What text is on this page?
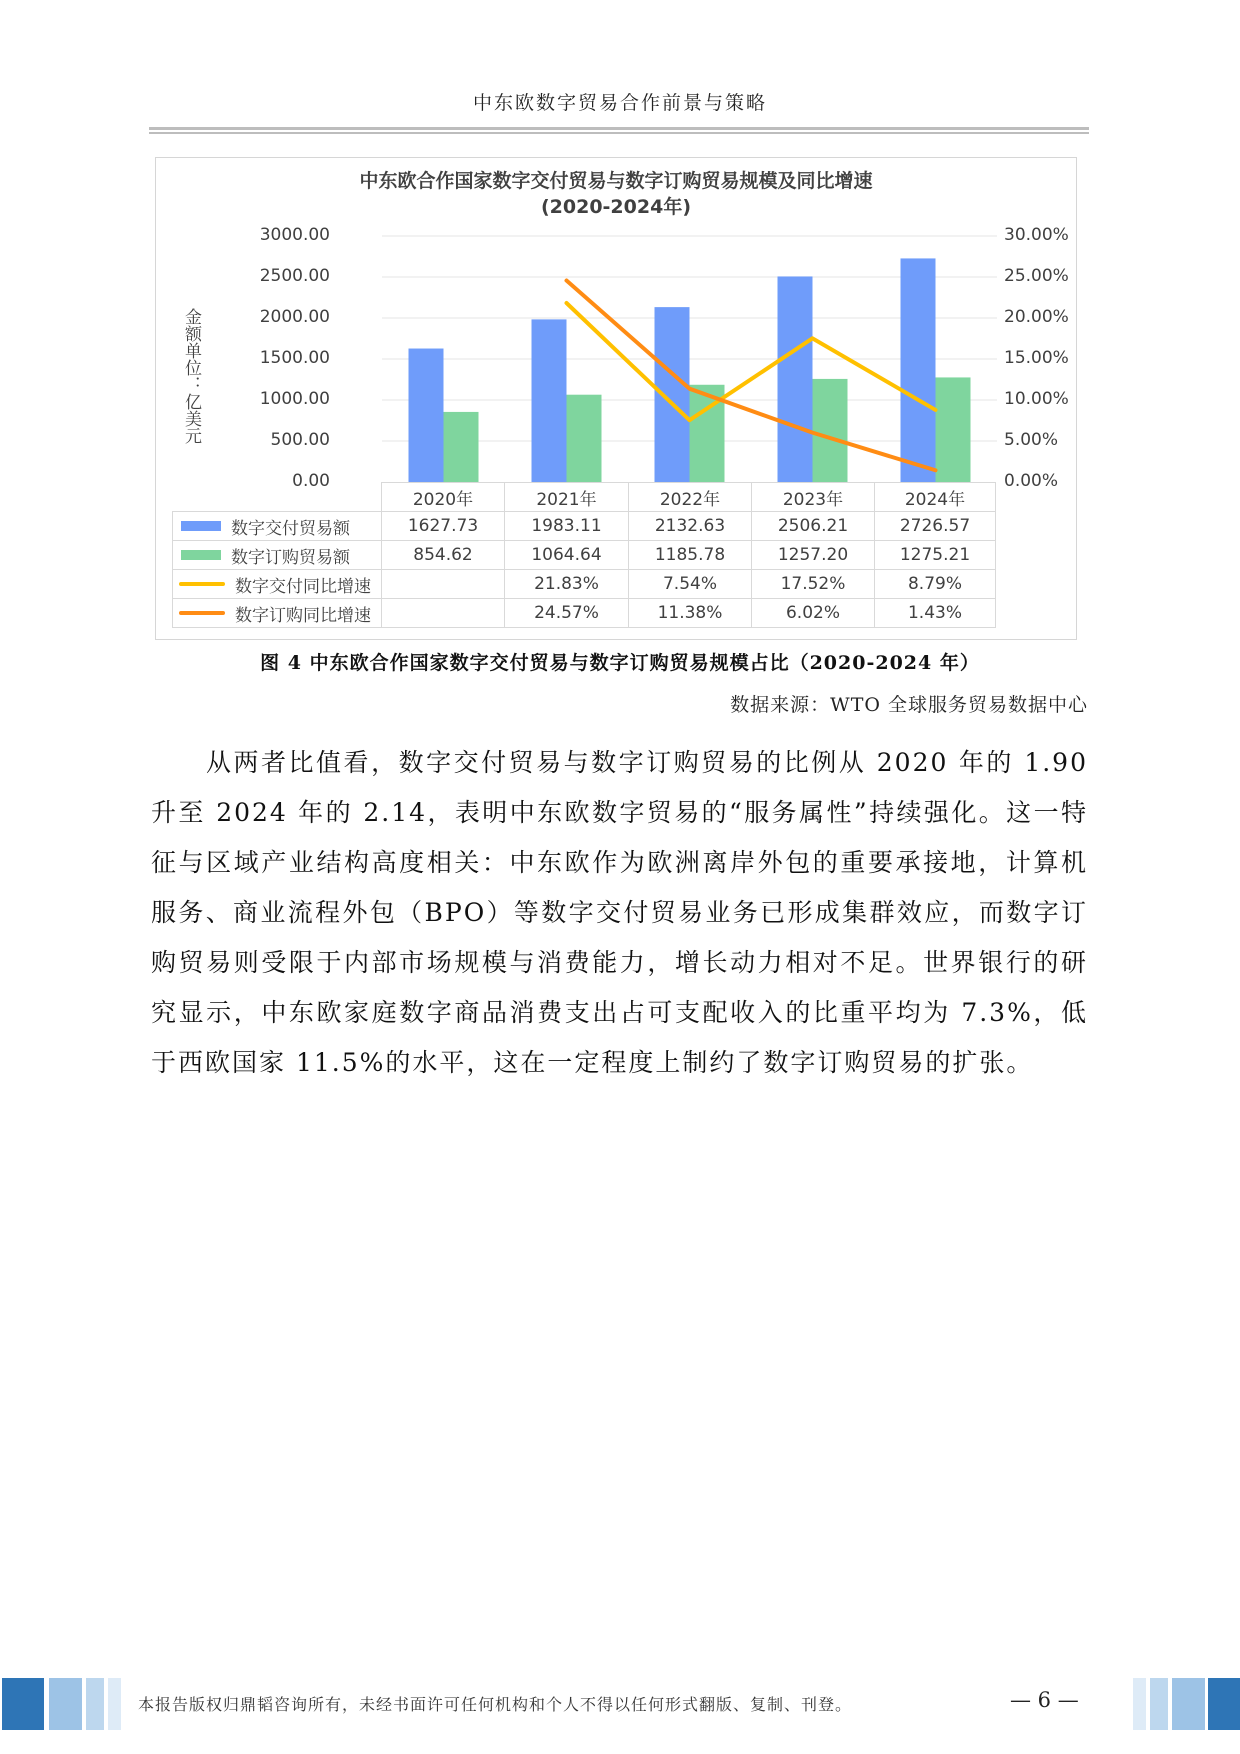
中东欧数字贸易合作前景与策略
中东欧合作国家数字交付贸易与数字订购贸易规模及同比增速
(2020-2024年)
金额单位：亿美元
3000.00
2500.00
2000.00
1500.00
1000.00
500.00
0.00
30.00%
25.00%
20.00%
15.00%
10.00%
5.00%
0.00%
	2020年	2021年	2022年	2023年	2024年
数字交付贸易额	1627.73	1983.11	2132.63	2506.21	2726.57
数字订购贸易额	854.62	1064.64	1185.78	1257.20	1275.21
数字交付同比增速		21.83%	7.54%	17.52%	8.79%
数字订购同比增速		24.57%	11.38%	6.02%	1.43%
图 4 中东欧合作国家数字交付贸易与数字订购贸易规模占比（2020-2024 年）
数据来源：WTO 全球服务贸易数据中心
从两者比值看，数字交付贸易与数字订购贸易的比例从 2020 年的 1.90 升至 2024 年的 2.14，表明中东欧数字贸易的“服务属性”持续强化。这一特征与区域产业结构高度相关：中东欧作为欧洲离岸外包的重要承接地，计算机服务、商业流程外包（BPO）等数字交付贸易业务已形成集群效应，而数字订购贸易则受限于内部市场规模与消费能力，增长动力相对不足。世界银行的研究显示，中东欧家庭数字商品消费支出占可支配收入的比重平均为 7.3%，低于西欧国家 11.5%的水平，这在一定程度上制约了数字订购贸易的扩张。
本报告版权归鼎韬咨询所有，未经书面许可任何机构和个人不得以任何形式翻版、复制、刊登。	— 6 —
